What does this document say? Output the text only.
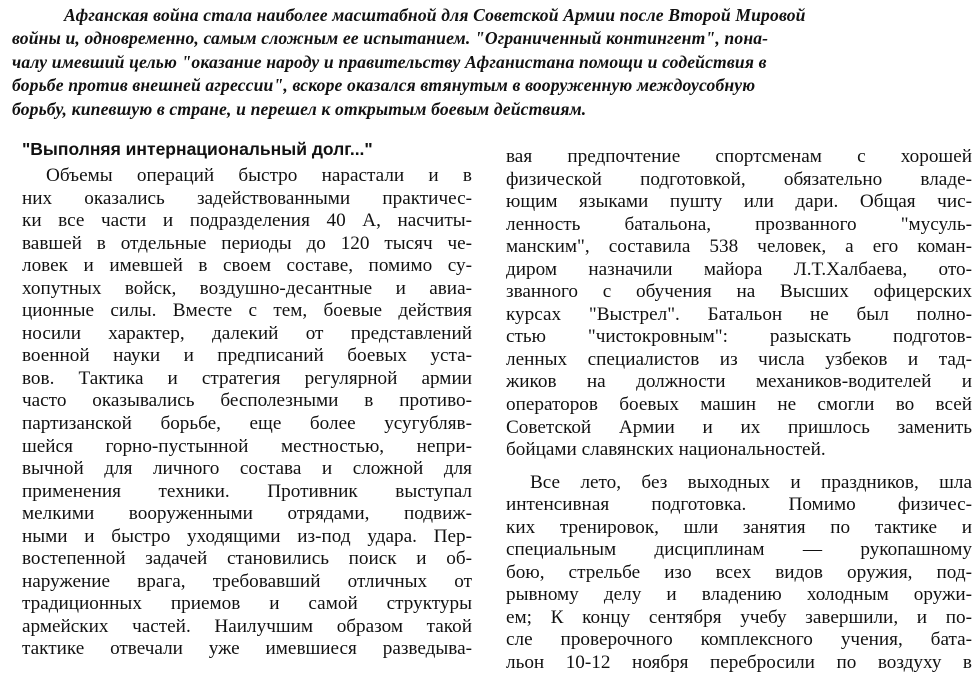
Афганская война стала наиболее масштабной для Советской Армии после Второй Мировой
войны и, одновременно, самым сложным ее испытанием. "Ограниченный контингент", пона-
чалу имевший целью "оказание народу и правительству Афганистана помощи и содействия в
борьбе против внешней агрессии", вскоре оказался втянутым в вооруженную междоусобную
борьбу, кипевшую в стране, и перешел к открытым боевым действиям.
"Выполняя интернациональный долг..."
Объемы операций быстро нарастали и в
них оказались задействованными практичес-
ки все части и подразделения 40 А, насчиты-
вавшей в отдельные периоды до 120 тысяч че-
ловек и имевшей в своем составе, помимо су-
хопутных войск, воздушно-десантные и авиа-
ционные силы. Вместе с тем, боевые действия
носили характер, далекий от представлений
военной науки и предписаний боевых уста-
вов. Тактика и стратегия регулярной армии
часто оказывались бесполезными в противо-
партизанской борьбе, еще более усугубляв-
шейся горно-пустынной местностью, непри-
вычной для личного состава и сложной для
применения техники. Противник выступал
мелкими вооруженными отрядами, подвиж-
ными и быстро уходящими из-под удара. Пер-
востепенной задачей становились поиск и об-
наружение врага, требовавший отличных от
традиционных приемов и самой структуры
армейских частей. Наилучшим образом такой
тактике отвечали уже имевшиеся разведыва-
вая предпочтение спортсменам с хорошей
физической подготовкой, обязательно владе-
ющим языками пушту или дари. Общая чис-
ленность батальона, прозванного "мусуль-
манским", составила 538 человек, а его коман-
диром назначили майора Л.Т.Халбаева, ото-
званного с обучения на Высших офицерских
курсах "Выстрел". Батальон не был полно-
стью "чистокровным": разыскать подготов-
ленных специалистов из числа узбеков и тад-
жиков на должности механиков-водителей и
операторов боевых машин не смогли во всей
Советской Армии и их пришлось заменить
бойцами славянских национальностей.
Все лето, без выходных и праздников, шла
интенсивная подготовка. Помимо физичес-
ких тренировок, шли занятия по тактике и
специальным дисциплинам — рукопашному
бою, стрельбе изо всех видов оружия, под-
рывному делу и владению холодным оружи-
ем; К концу сентября учебу завершили, и по-
сле проверочного комплексного учения, бата-
льон 10-12 ноября перебросили по воздуху в
